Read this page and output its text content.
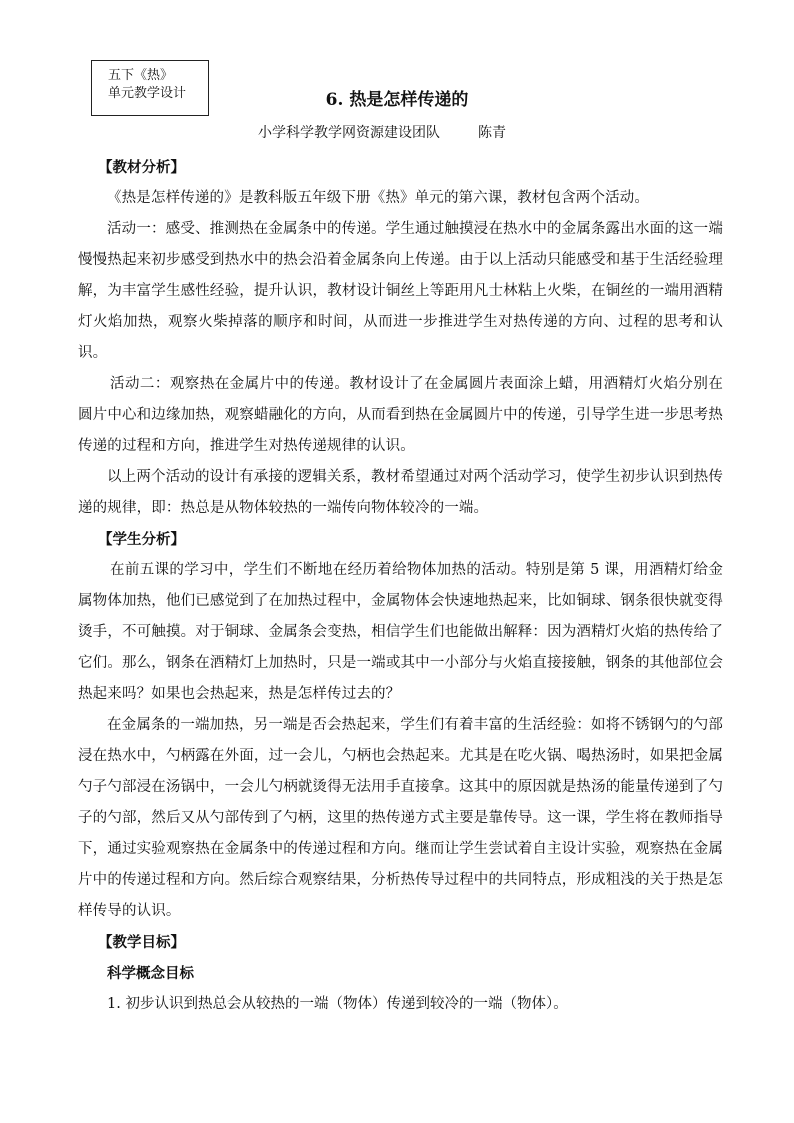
五下《热》
单元教学设计	6. 热是怎样传递的
小学科学教学网资源建设团队	陈青
【教材分析】
《热是怎样传递的》是教科版五年级下册《热》单元的第六课，教材包含两个活动。
活动一：感受、推测热在金属条中的传递。学生通过触摸浸在热水中的金属条露出水面的这一端慢慢热起来初步感受到热水中的热会沿着金属条向上传递。由于以上活动只能感受和基于生活经验理解，为丰富学生感性经验，提升认识，教材设计铜丝上等距用凡士林粘上火柴，在铜丝的一端用酒精灯火焰加热，观察火柴掉落的顺序和时间，从而进一步推进学生对热传递的方向、过程的思考和认识。
活动二：观察热在金属片中的传递。教材设计了在金属圆片表面涂上蜡，用酒精灯火焰分别在圆片中心和边缘加热，观察蜡融化的方向，从而看到热在金属圆片中的传递，引导学生进一步思考热传递的过程和方向，推进学生对热传递规律的认识。
以上两个活动的设计有承接的逻辑关系，教材希望通过对两个活动学习，使学生初步认识到热传递的规律，即：热总是从物体较热的一端传向物体较冷的一端。
【学生分析】
在前五课的学习中，学生们不断地在经历着给物体加热的活动。特别是第 5 课，用酒精灯给金属物体加热，他们已感觉到了在加热过程中，金属物体会快速地热起来，比如铜球、钢条很快就变得烫手，不可触摸。对于铜球、金属条会变热，相信学生们也能做出解释：因为酒精灯火焰的热传给了它们。那么，钢条在酒精灯上加热时，只是一端或其中一小部分与火焰直接接触，钢条的其他部位会热起来吗？如果也会热起来，热是怎样传过去的？
在金属条的一端加热，另一端是否会热起来，学生们有着丰富的生活经验：如将不锈钢勺的勺部浸在热水中，勺柄露在外面，过一会儿，勺柄也会热起来。尤其是在吃火锅、喝热汤时，如果把金属勺子勺部浸在汤锅中，一会儿勺柄就烫得无法用手直接拿。这其中的原因就是热汤的能量传递到了勺子的勺部，然后又从勺部传到了勺柄，这里的热传递方式主要是靠传导。这一课，学生将在教师指导下，通过实验观察热在金属条中的传递过程和方向。继而让学生尝试着自主设计实验，观察热在金属片中的传递过程和方向。然后综合观察结果，分析热传导过程中的共同特点，形成粗浅的关于热是怎样传导的认识。
【教学目标】
科学概念目标
1. 初步认识到热总会从较热的一端（物体）传递到较冷的一端（物体）。
